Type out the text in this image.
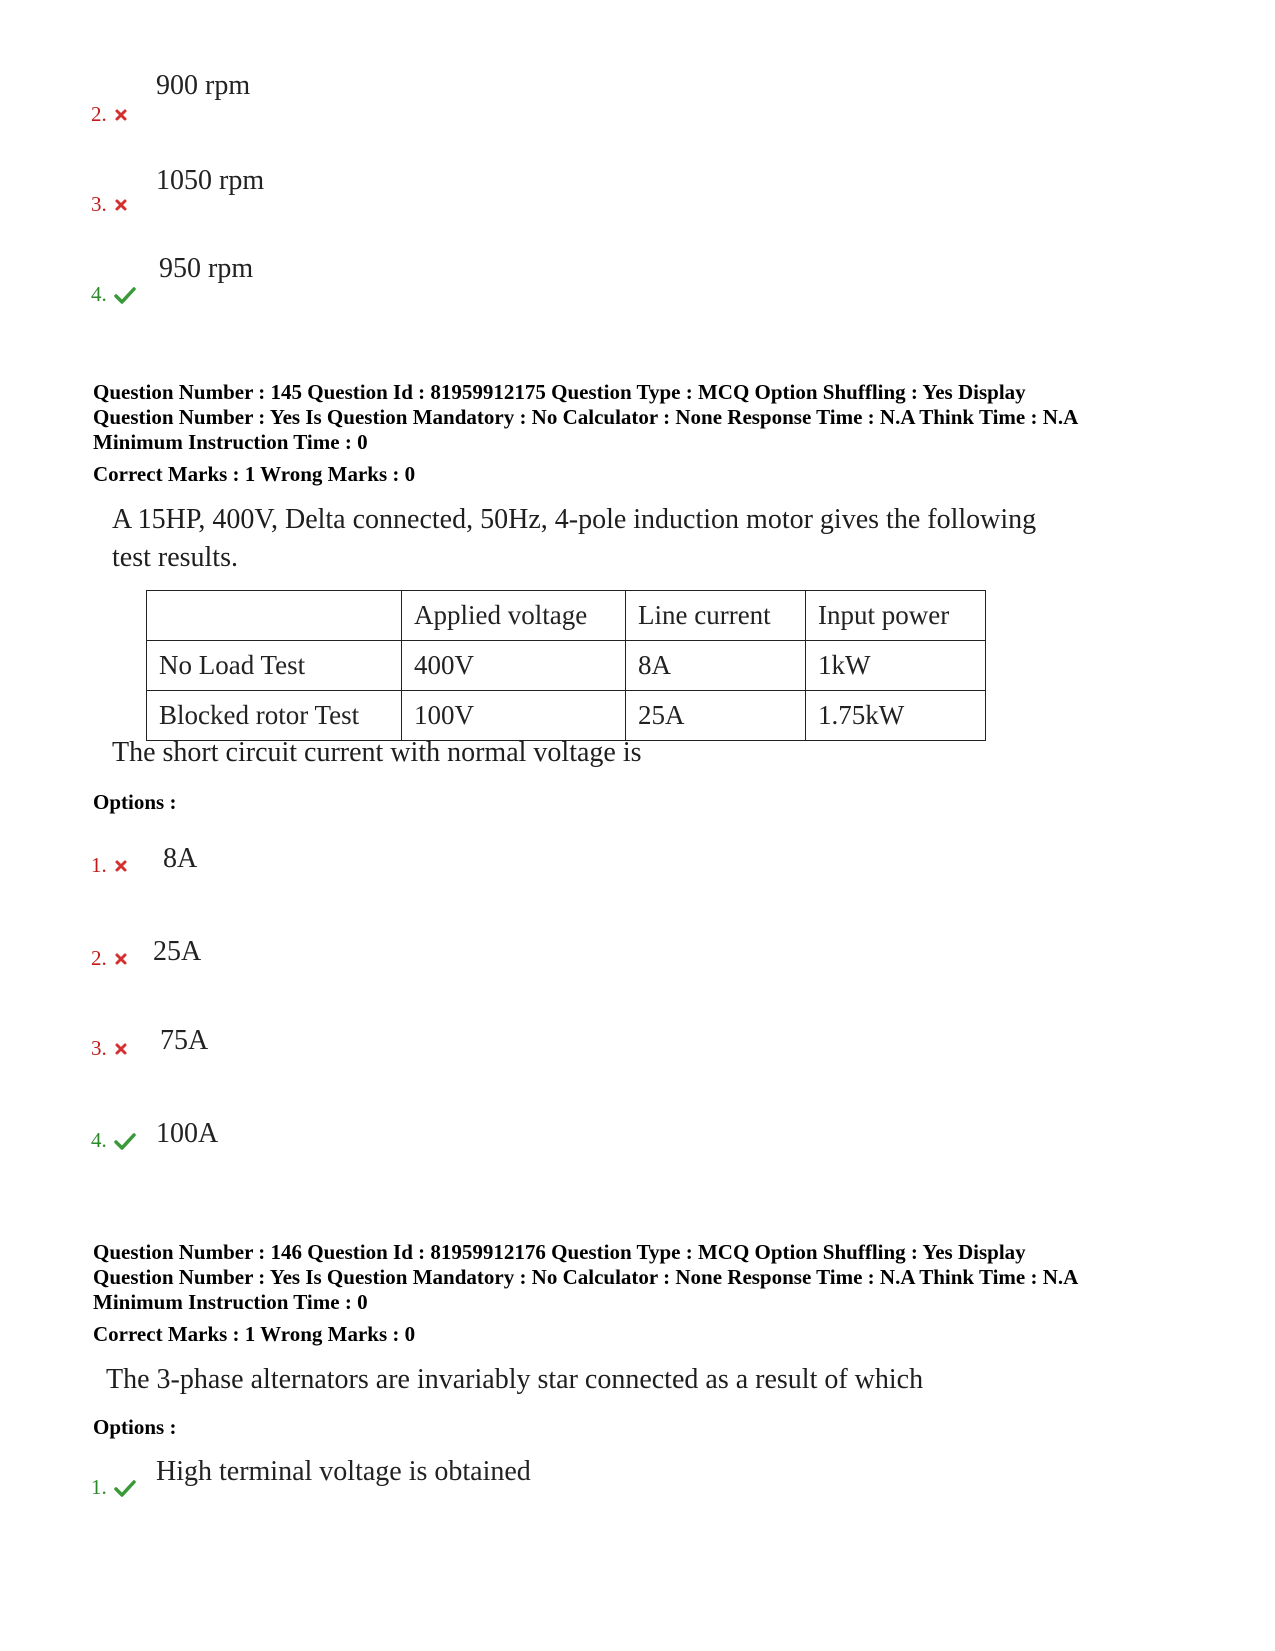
900 rpm
2.
1050 rpm
3.
950 rpm
4.
Question Number : 145 Question Id : 81959912175 Question Type : MCQ Option Shuffling : Yes Display
Question Number : Yes Is Question Mandatory : No Calculator : None Response Time : N.A Think Time : N.A
Minimum Instruction Time : 0
Correct Marks : 1 Wrong Marks : 0
A 15HP, 400V, Delta connected, 50Hz, 4-pole induction motor gives the following
test results.
	Applied voltage	Line current	Input power
No Load Test	400V	8A	1kW
Blocked rotor Test	100V	25A	1.75kW
The short circuit current with normal voltage is
Options :
8A
1.
25A
2.
75A
3.
100A
4.
Question Number : 146 Question Id : 81959912176 Question Type : MCQ Option Shuffling : Yes Display
Question Number : Yes Is Question Mandatory : No Calculator : None Response Time : N.A Think Time : N.A
Minimum Instruction Time : 0
Correct Marks : 1 Wrong Marks : 0
The 3-phase alternators are invariably star connected as a result of which
Options :
High terminal voltage is obtained
1.
